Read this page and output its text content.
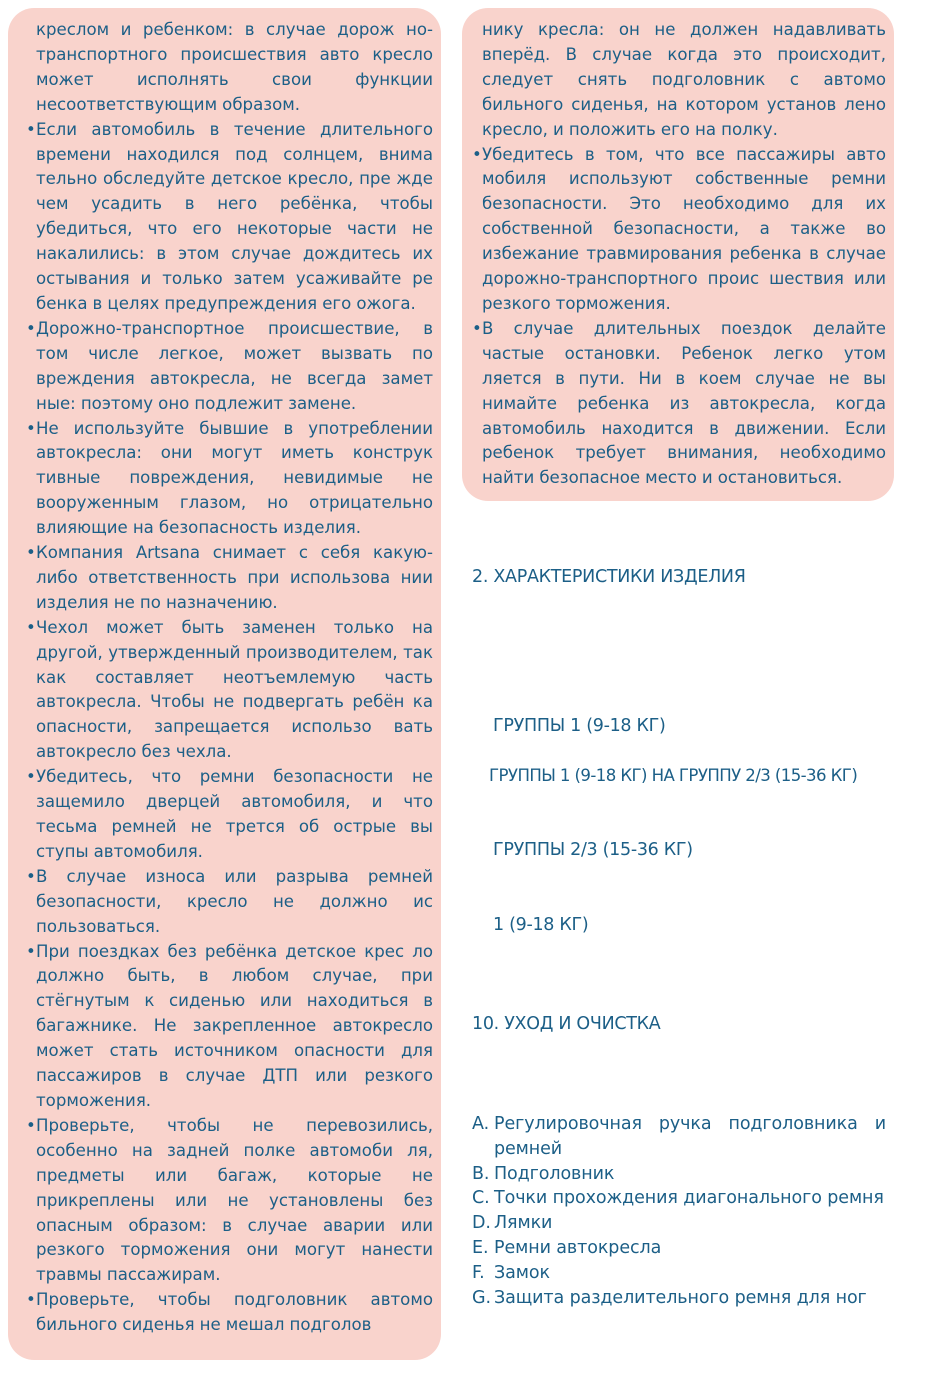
креслом и ребенком: в случае дорож но-транспортного происшествия авто кресло может исполнять свои функции несоответствующим образом.
• Если автомобиль в течение длительного времени находился под солнцем, внима тельно обследуйте детское кресло, пре жде чем усадить в него ребёнка, чтобы убедиться, что его некоторые части не накалились: в этом случае дождитесь их остывания и только затем усаживайте ре бенка в целях предупреждения его ожога.
• Дорожно-транспортное происшествие, в том числе легкое, может вызвать по вреждения автокресла, не всегда замет ные: поэтому оно подлежит замене.
• Не используйте бывшие в употреблении автокресла: они могут иметь конструк тивные повреждения, невидимые не вооруженным глазом, но отрицательно влияющие на безопасность изделия.
• Компания Artsana снимает с себя какую-либо ответственность при использова нии изделия не по назначению.
• Чехол может быть заменен только на другой, утвержденный производителем, так как составляет неотъемлемую часть автокресла. Чтобы не подвергать ребён ка опасности, запрещается использо вать автокресло без чехла.
• Убедитесь, что ремни безопасности не защемило дверцей автомобиля, и что тесьма ремней не трется об острые вы ступы автомобиля.
• В случае износа или разрыва ремней безопасности, кресло не должно ис пользоваться.
• При поездках без ребёнка детское крес ло должно быть, в любом случае, при стёгнутым к сиденью или находиться в багажнике. Не закрепленное автокресло может стать источником опасности для пассажиров в случае ДТП или резкого торможения.
• Проверьте, чтобы не перевозились, особенно на задней полке автомоби ля, предметы или багаж, которые не прикреплены или не установлены без опасным образом: в случае аварии или резкого торможения они могут нанести травмы пассажирам.
• Проверьте, чтобы подголовник автомо бильного сиденья не мешал подголов
нику кресла: он не должен надавливать вперёд. В случае когда это происходит, следует снять подголовник с автомо бильного сиденья, на котором установ лено кресло, и положить его на полку.
• Убедитесь в том, что все пассажиры авто мобиля используют собственные ремни безопасности. Это необходимо для их собственной безопасности, а также во избежание травмирования ребенка в случае дорожно-транспортного проис шествия или резкого торможения.
• В случае длительных поездок делайте частые остановки. Ребенок легко утом ляется в пути. Ни в коем случае не вы нимайте ребенка из автокресла, когда автомобиль находится в движении. Если ребенок требует внимания, необходимо найти безопасное место и остановиться.
2. ХАРАКТЕРИСТИКИ ИЗДЕЛИЯ
ГРУППЫ 1 (9-18 КГ)
ГРУППЫ 1 (9-18 КГ) НА ГРУППУ 2/3 (15-36 КГ)
ГРУППЫ 2/3 (15-36 КГ)
1 (9-18 КГ)
10. УХОД И ОЧИСТКА
A. Регулировочная ручка подголовника и ремней
B. Подголовник
C. Точки прохождения диагонального ремня
D. Лямки
E. Ремни автокресла
F. Замок
G. Защита разделительного ремня для ног
